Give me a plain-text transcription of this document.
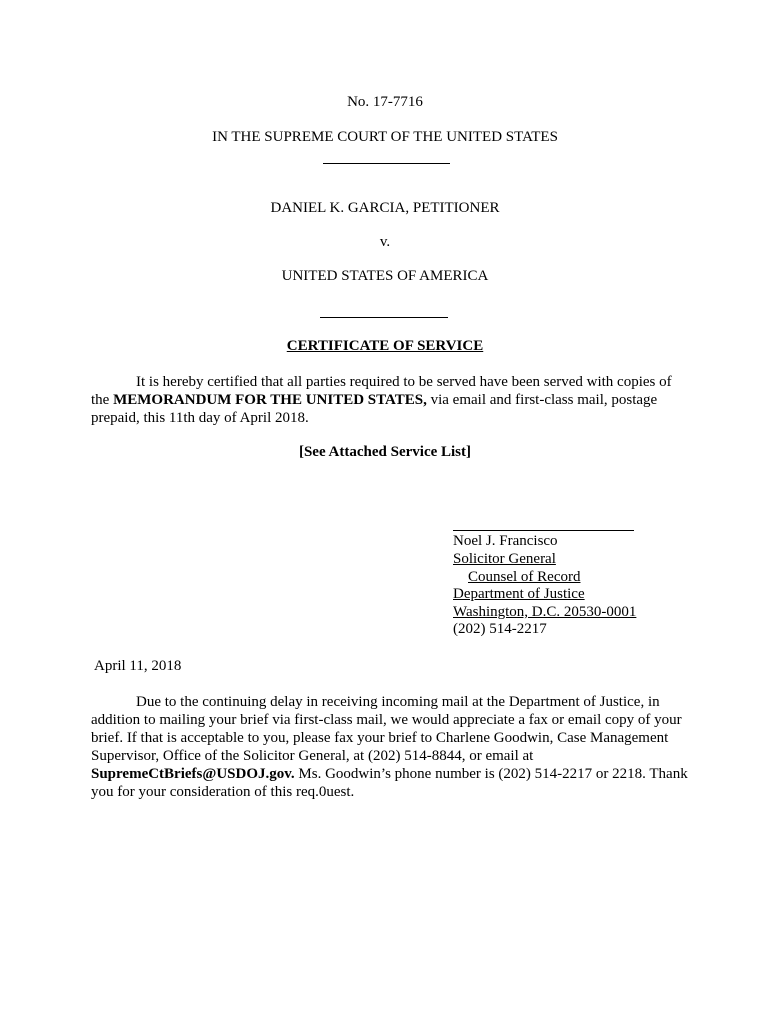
No. 17-7716
IN THE SUPREME COURT OF THE UNITED STATES
DANIEL K. GARCIA, PETITIONER
v.
UNITED STATES OF AMERICA
CERTIFICATE OF SERVICE
It is hereby certified that all parties required to be served have been served with copies of the MEMORANDUM FOR THE UNITED STATES, via email and first-class mail, postage prepaid, this 11th day of April 2018.
[See Attached Service List]
Noel J. Francisco
Solicitor General
Counsel of Record
Department of Justice
Washington, D.C. 20530-0001
(202) 514-2217
April 11, 2018
Due to the continuing delay in receiving incoming mail at the Department of Justice, in addition to mailing your brief via first-class mail, we would appreciate a fax or email copy of your brief. If that is acceptable to you, please fax your brief to Charlene Goodwin, Case Management Supervisor, Office of the Solicitor General, at (202) 514-8844, or email at SupremeCtBriefs@USDOJ.gov. Ms. Goodwin’s phone number is (202) 514-2217 or 2218. Thank you for your consideration of this req.0uest.
